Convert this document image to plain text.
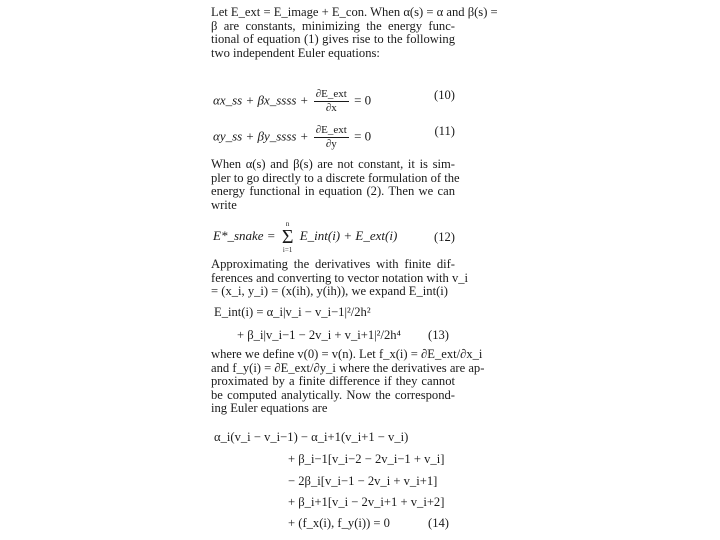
Let E_ext = E_image + E_con. When α(s) = α and β(s) =
β are constants, minimizing the energy func-
tional of equation (1) gives rise to the following
two independent Euler equations:
αx_ss + βx_ssss + $\frac{\text{∂E\_ext}}{\partial x} = 0$	(10)
αy_ss + βy_ssss + $\frac{\text{∂E\_ext}}{\partial y} = 0$	(11)
When α(s) and β(s) are not constant, it is sim-
pler to go directly to a discrete formulation of the
energy functional in equation (2). Then we can
write
E*_snake =
n
Σ
i=1
E_int(i) + E_ext(i)	(12)
Approximating the derivatives with finite dif-
ferences and converting to vector notation with v_i
= (x_i, y_i) = (x(ih), y(ih)), we expand E_int(i)
E_int(i) = α_i|v_i − v_i−1|²/2h²
+ β_i|v_i−1 − 2v_i + v_i+1|²/2h⁴ (13)
where we define v(0) = v(n). Let f_x(i) = ∂E_ext/∂x_i
and f_y(i) = ∂E_ext/∂y_i where the derivatives are ap-
proximated by a finite difference if they cannot
be computed analytically. Now the correspond-
ing Euler equations are
α_i(v_i − v_i−1) − α_i+1(v_i+1 − v_i)
+ β_i−1[v_i−2 − 2v_i−1 + v_i]
− 2β_i[v_i−1 − 2v_i + v_i+1]
+ β_i+1[v_i − 2v_i+1 + v_i+2]
+ (f_x(i), f_y(i)) = 0	(14)
